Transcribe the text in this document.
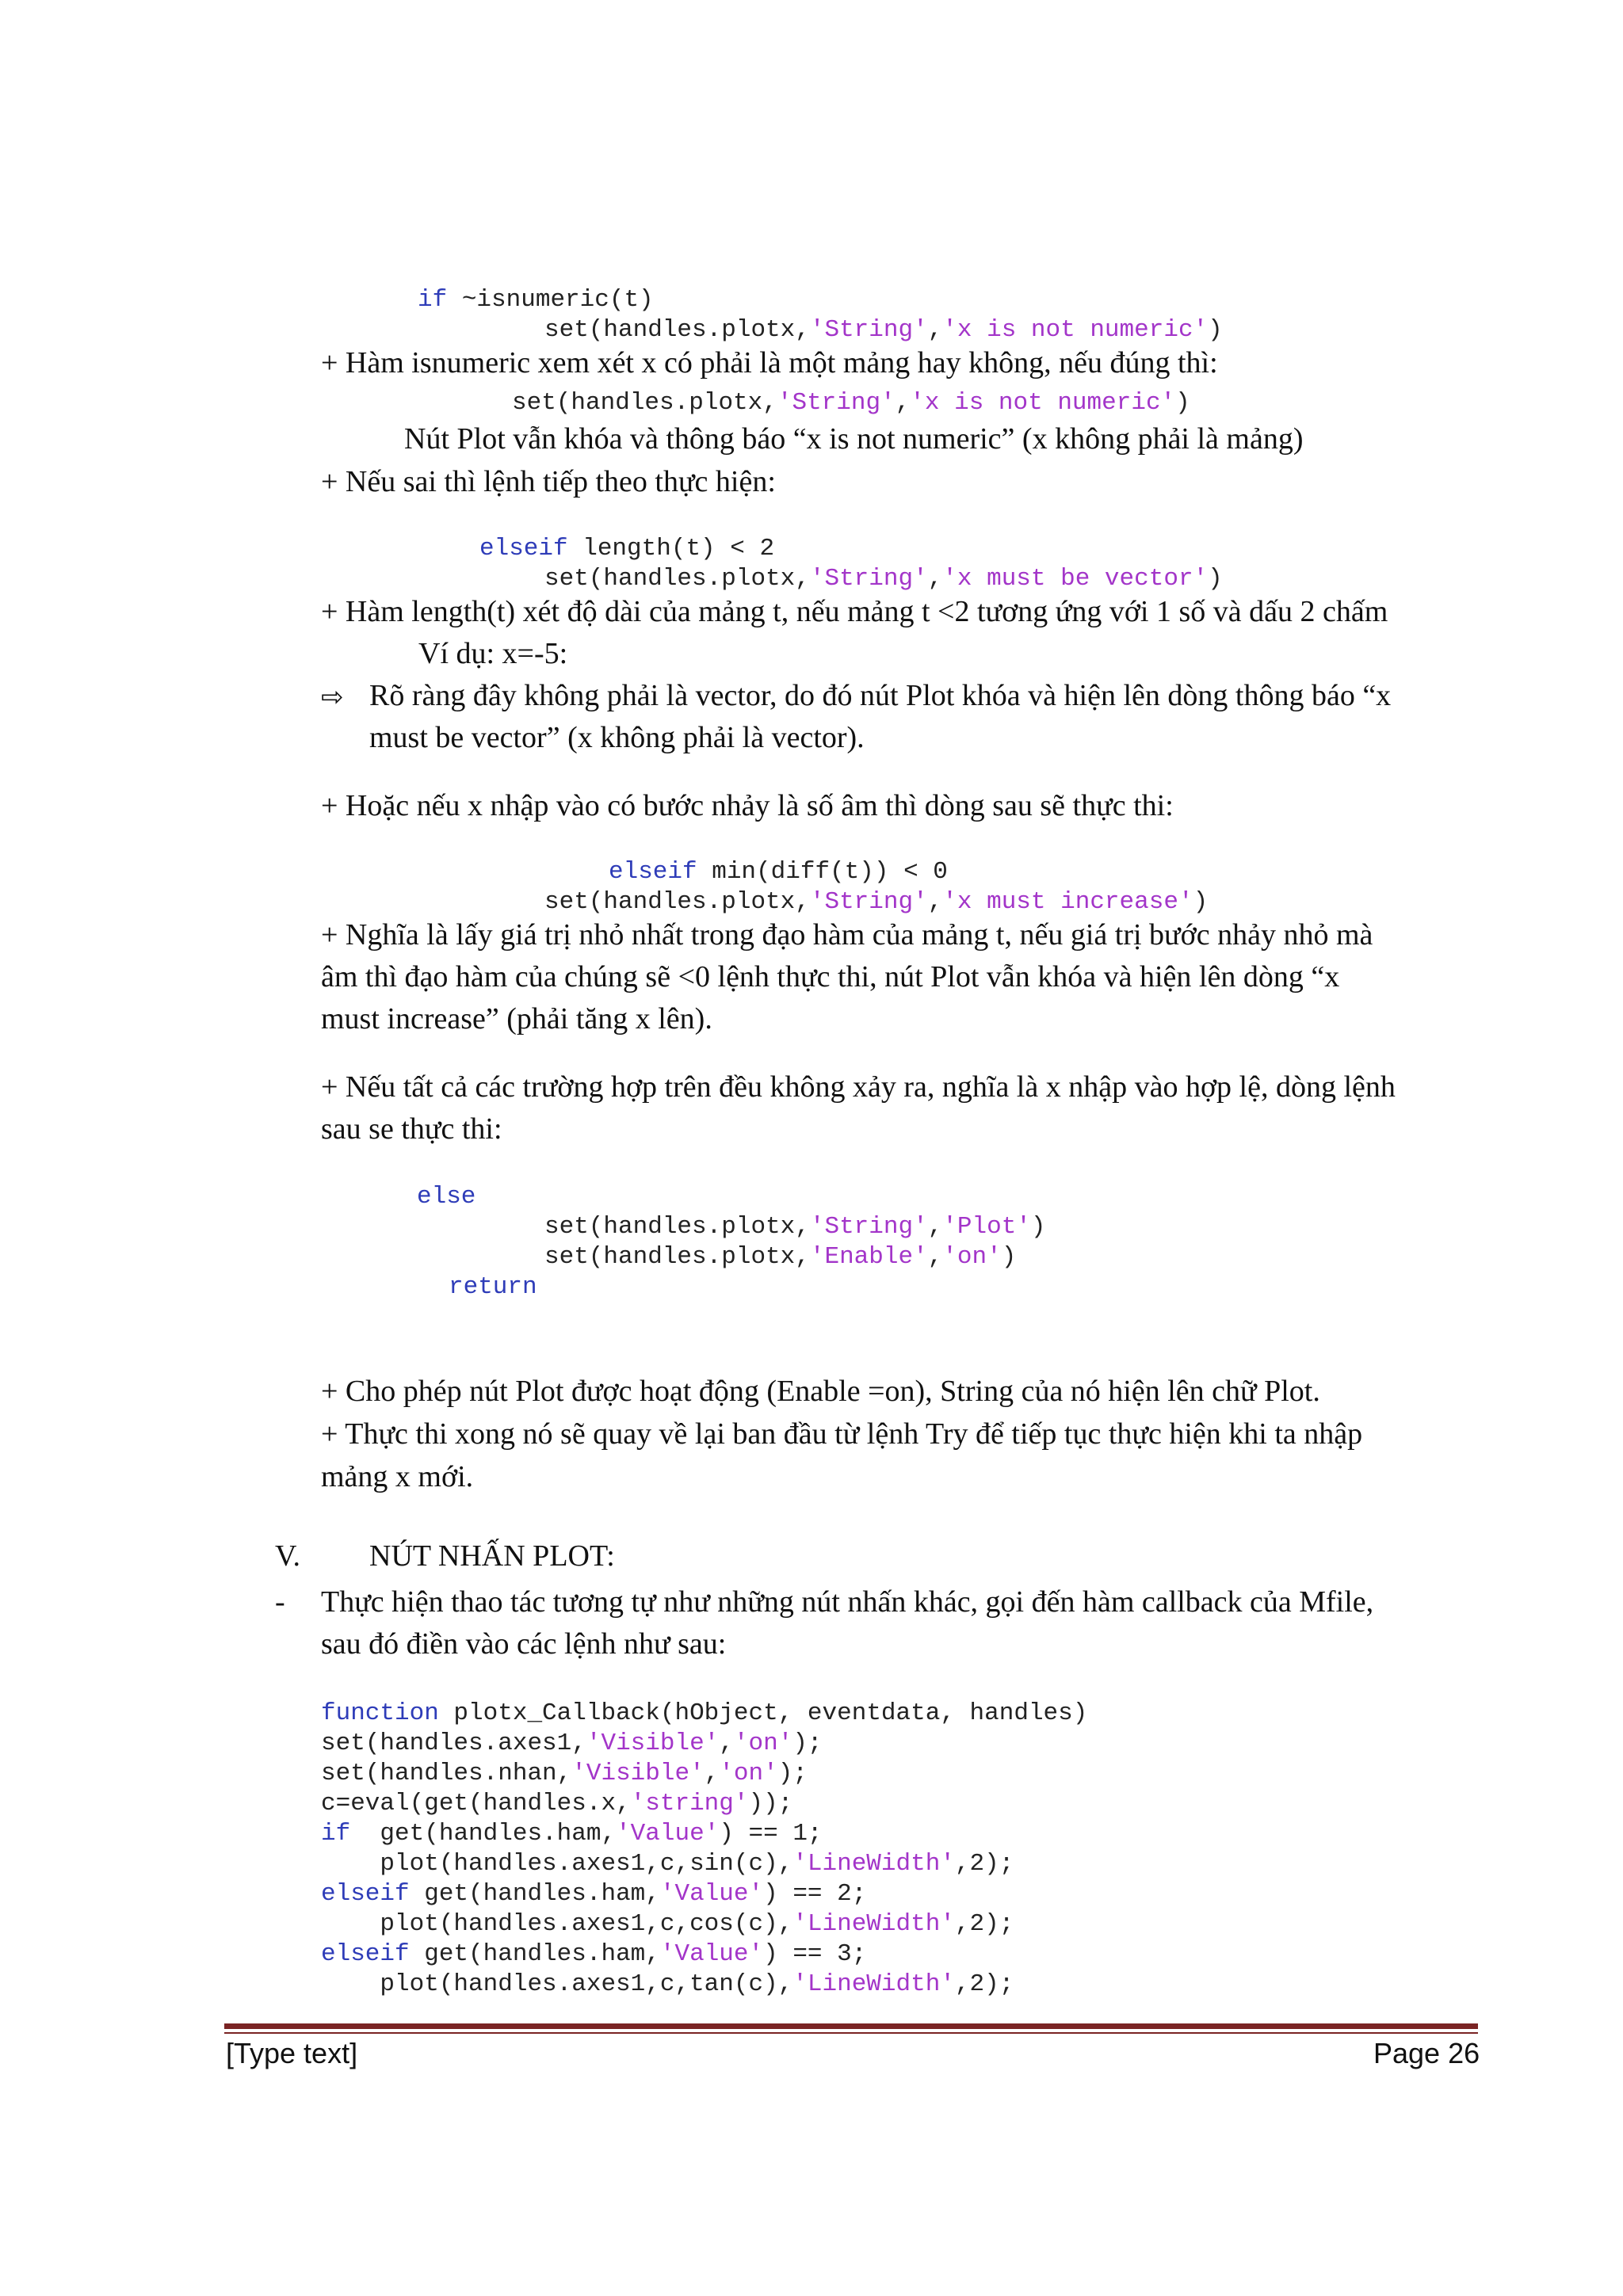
if ~isnumeric(t)
set(handles.plotx,'String','x is not numeric')

+ Hàm isnumeric xem xét x có phải là một mảng hay không, nếu đúng thì:

set(handles.plotx,'String','x is not numeric')

Nút Plot vẫn khóa và thông báo “x is not numeric” (x không phải là mảng)

+ Nếu sai thì lệnh tiếp theo thực hiện:

elseif length(t) < 2
set(handles.plotx,'String','x must be vector')

+ Hàm length(t) xét độ dài của mảng t, nếu mảng t <2 tương ứng với 1 số và dấu 2 chấm

Ví dụ: x=-5:

⇨ Rõ ràng đây không phải là vector, do đó nút Plot khóa và hiện lên dòng thông báo “x

must be vector” (x không phải là vector).

+ Hoặc nếu x nhập vào có bước nhảy là số âm thì dòng sau sẽ thực thi:

elseif min(diff(t)) < 0
set(handles.plotx,'String','x must increase')

+ Nghĩa là lấy giá trị nhỏ nhất trong đạo hàm của mảng t, nếu giá trị bước nhảy nhỏ mà

âm thì đạo hàm của chúng sẽ <0 lệnh thực thi, nút Plot vẫn khóa và hiện lên dòng “x

must increase” (phải tăng x lên).

+ Nếu tất cả các trường hợp trên đều không xảy ra, nghĩa là x nhập vào hợp lệ, dòng lệnh

sau se thực thi:

else
set(handles.plotx,'String','Plot')
set(handles.plotx,'Enable','on')
return

+ Cho phép nút Plot được hoạt động (Enable =on), String của nó hiện lên chữ Plot.

+ Thực thi xong nó sẽ quay về lại ban đầu từ lệnh Try để tiếp tục thực hiện khi ta nhập

mảng x mới.

V. NÚT NHẤN PLOT:
- Thực hiện thao tác tương tự như những nút nhấn khác, gọi đến hàm callback của Mfile,

sau đó điền vào các lệnh như sau:

function plotx_Callback(hObject, eventdata, handles)
set(handles.axes1,'Visible','on');
set(handles.nhan,'Visible','on');
c=eval(get(handles.x,'string'));
if  get(handles.ham,'Value') == 1;
plot(handles.axes1,c,sin(c),'LineWidth',2);
elseif get(handles.ham,'Value') == 2;
plot(handles.axes1,c,cos(c),'LineWidth',2);
elseif get(handles.ham,'Value') == 3;
plot(handles.axes1,c,tan(c),'LineWidth',2);
[Type text]	Page 26
